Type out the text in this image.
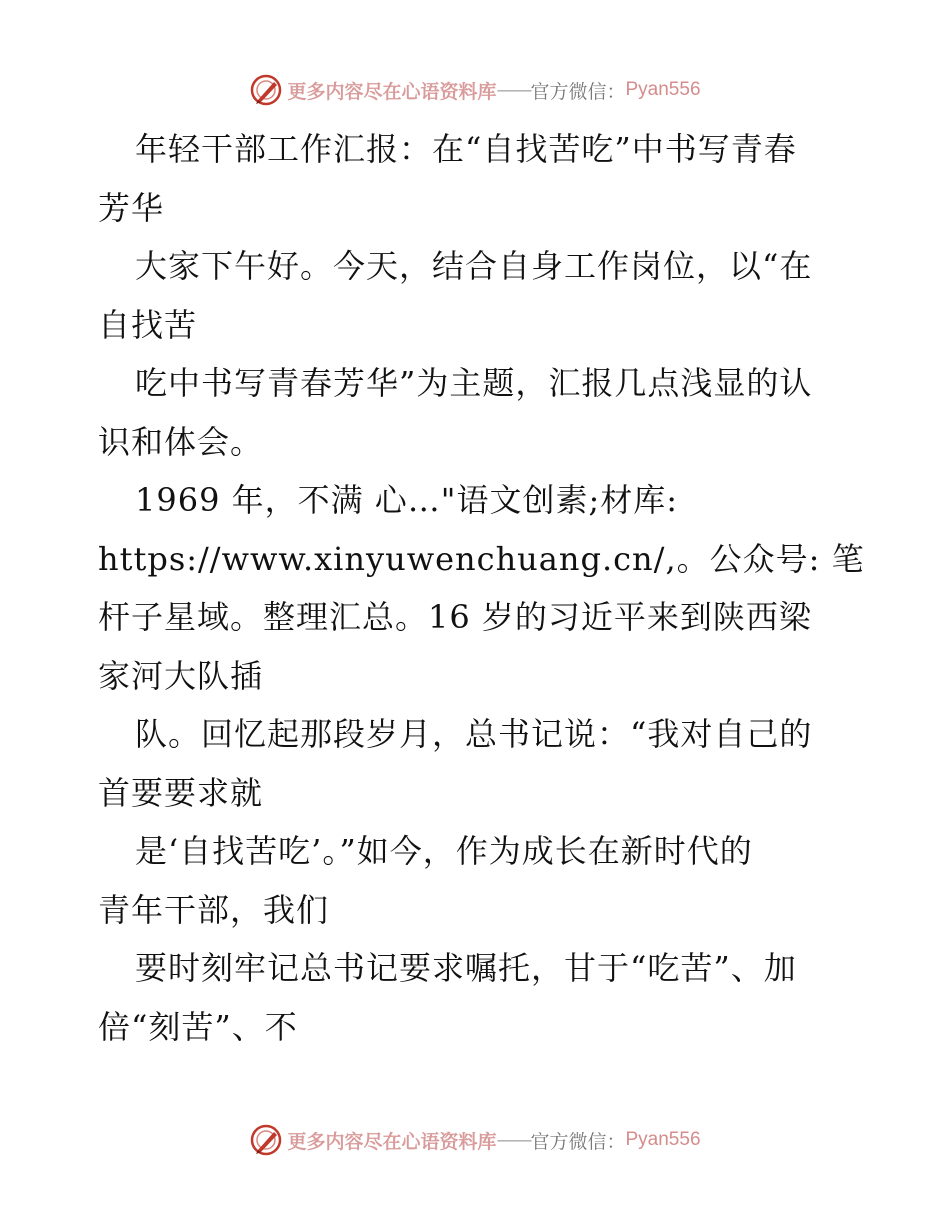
更多内容尽在心语资料库 —— 官方微信： Pyan556
年轻干部工作汇报：在“自找苦吃”中书写青春
芳华
大家下午好。今天，结合自身工作岗位，以“在
自找苦
吃中书写青春芳华”为主题，汇报几点浅显的认
识和体会。
1969 年，不满 心…"语文创素;材库:
https://www.xinyuwenchuang.cn/,。公众号: 笔
杆子星域。整理汇总。16 岁的习近平来到陕西梁
家河大队插
队。回忆起那段岁月，总书记说：“我对自己的
首要要求就
是‘自找苦吃’。”如今，作为成长在新时代的
青年干部，我们
要时刻牢记总书记要求嘱托，甘于“吃苦”、加
倍“刻苦”、不
更多内容尽在心语资料库 —— 官方微信： Pyan556
